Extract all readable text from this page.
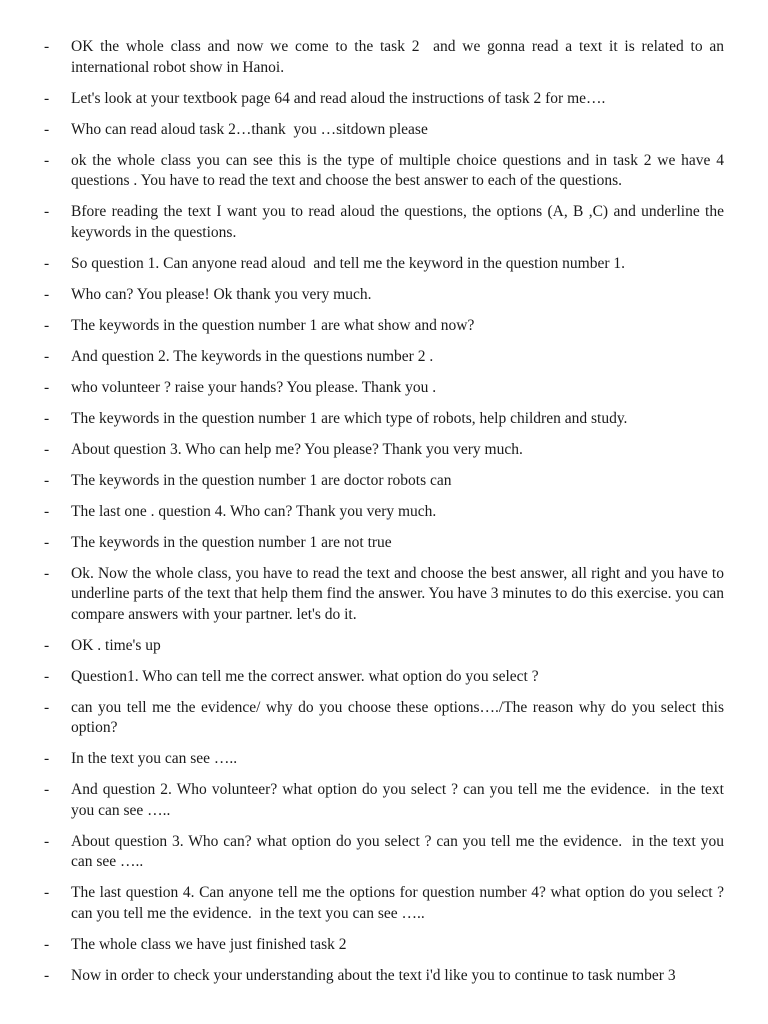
-	OK the whole class and now we come to the task 2  and we gonna read a text it is related to an international robot show in Hanoi.
-	Let's look at your textbook page 64 and read aloud the instructions of task 2 for me….
-	Who can read aloud task 2…thank  you …sitdown please
-	ok the whole class you can see this is the type of multiple choice questions and in task 2 we have 4 questions . You have to read the text and choose the best answer to each of the questions.
-	Bfore reading the text I want you to read aloud the questions, the options (A, B ,C) and underline the keywords in the questions.
-	So question 1. Can anyone read aloud  and tell me the keyword in the question number 1.
-	Who can? You please! Ok thank you very much.
-	The keywords in the question number 1 are what show and now?
-	And question 2. The keywords in the questions number 2 .
-	who volunteer ? raise your hands? You please. Thank you .
-	The keywords in the question number 1 are which type of robots, help children and study.
-	About question 3. Who can help me? You please? Thank you very much.
-	The keywords in the question number 1 are doctor robots can
-	The last one . question 4. Who can? Thank you very much.
-	The keywords in the question number 1 are not true
-	Ok. Now the whole class, you have to read the text and choose the best answer, all right and you have to underline parts of the text that help them find the answer. You have 3 minutes to do this exercise. you can compare answers with your partner. let's do it.
-	OK . time's up
-	Question1. Who can tell me the correct answer. what option do you select ?
-	can you tell me the evidence/ why do you choose these options…./The reason why do you select this option?
-	In the text you can see …..
-	And question 2. Who volunteer? what option do you select ? can you tell me the evidence.  in the text you can see …..
-	About question 3. Who can? what option do you select ? can you tell me the evidence.  in the text you can see …..
-	The last question 4. Can anyone tell me the options for question number 4? what option do you select ? can you tell me the evidence.  in the text you can see …..
-	The whole class we have just finished task 2
-	Now in order to check your understanding about the text i'd like you to continue to task number 3
